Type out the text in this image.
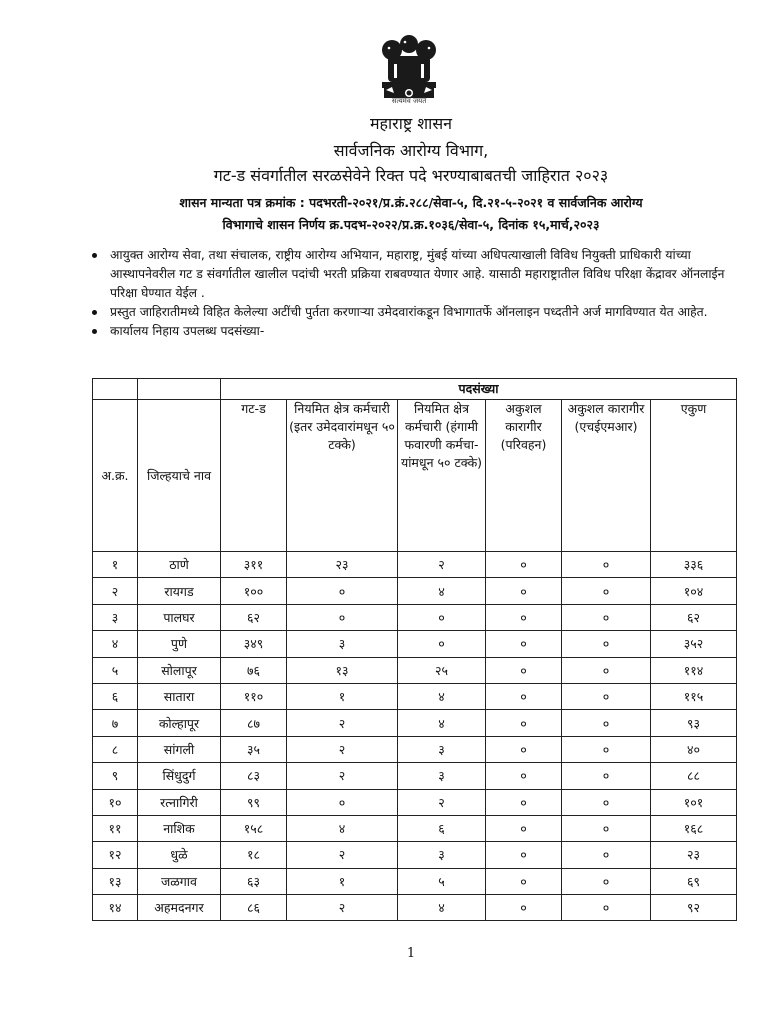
सत्यमेव जयते
महाराष्ट्र शासन
सार्वजनिक आरोग्य विभाग,
गट-ड संवर्गातील सरळसेवेने रिक्त पदे भरण्याबाबतची जाहिरात २०२३
शासन मान्यता पत्र क्रमांक : पदभरती-२०२१/प्र.क्रं.२८८/सेवा-५, दि.२१-५-२०२१ व सार्वजनिक आरोग्य
विभागाचे शासन निर्णय क्र.पदभ-२०२२/प्र.क्र.१०३६/सेवा-५, दिनांक १५,मार्च,२०२३
आयुक्त आरोग्य सेवा, तथा संचालक, राष्ट्रीय आरोग्य अभियान, महाराष्ट्र, मुंबई यांच्या अधिपत्याखाली विविध नियुक्ती प्राधिकारी यांच्या आस्थापनेवरील गट ड संवर्गातील खालील पदांची भरती प्रक्रिया राबवण्यात येणार आहे. यासाठी महाराष्ट्रातील विविध परिक्षा केंद्रावर ऑनलाईन परिक्षा घेण्यात येईल .
प्रस्तुत जाहिरातीमध्ये विहित केलेल्या अटींची पुर्तता करणाऱ्या उमेदवारांकडून विभागातर्फे ऑनलाइन पध्दतीने अर्ज मागविण्यात येत आहेत.
कार्यालय निहाय उपलब्ध पदसंख्या-
		पदसंख्या					
अ.क्र.	जिल्हयाचे नाव	गट-ड	नियमित क्षेत्र कर्मचारी (इतर उमेदवारांमधून ५० टक्के)	नियमित क्षेत्र कर्मचारी (हंगामी फवारणी कर्मचा-यांमधून ५० टक्के)	अकुशल कारागीर (परिवहन)	अकुशल कारागीर (एचईएमआर)	एकुण
१	ठाणे	३११	२३	२	०	०	३३६
२	रायगड	१००	०	४	०	०	१०४
३	पालघर	६२	०	०	०	०	६२
४	पुणे	३४९	३	०	०	०	३५२
५	सोलापूर	७६	१३	२५	०	०	११४
६	सातारा	११०	१	४	०	०	११५
७	कोल्हापूर	८७	२	४	०	०	९३
८	सांगली	३५	२	३	०	०	४०
९	सिंधुदुर्ग	८३	२	३	०	०	८८
१०	रत्नागिरी	९९	०	२	०	०	१०१
११	नाशिक	१५८	४	६	०	०	१६८
१२	धुळे	१८	२	३	०	०	२३
१३	जळगाव	६३	१	५	०	०	६९
१४	अहमदनगर	८६	२	४	०	०	९२
1
